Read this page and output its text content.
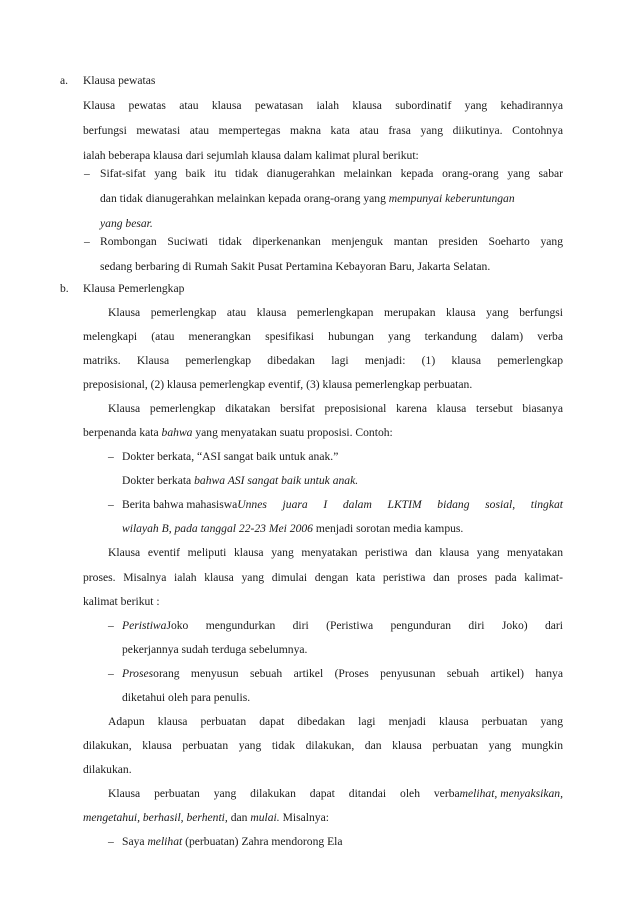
a. Klausa pewatas
Klausa pewatas atau klausa pewatasan ialah klausa subordinatif yang kehadirannya
berfungsi mewatasi atau mempertegas makna kata atau frasa yang diikutinya. Contohnya
ialah beberapa klausa dari sejumlah klausa dalam kalimat plural berikut:
– Sifat-sifat yang baik itu tidak dianugerahkan melainkan kepada orang-orang yang sabar
dan tidak dianugerahkan melainkan kepada orang-orang yang mempunyai keberuntungan
yang besar.
– Rombongan Suciwati tidak diperkenankan menjenguk mantan presiden Soeharto yang
sedang berbaring di Rumah Sakit Pusat Pertamina Kebayoran Baru, Jakarta Selatan.
b. Klausa Pemerlengkap
Klausa pemerlengkap atau klausa pemerlengkapan merupakan klausa yang berfungsi
melengkapi (atau menerangkan spesifikasi hubungan yang terkandung dalam) verba
matriks. Klausa pemerlengkap dibedakan lagi menjadi: (1) klausa pemerlengkap
preposisional, (2) klausa pemerlengkap eventif, (3) klausa pemerlengkap perbuatan.
Klausa pemerlengkap dikatakan bersifat preposisional karena klausa tersebut biasanya
berpenanda kata bahwa yang menyatakan suatu proposisi. Contoh:
– Dokter berkata, “ASI sangat baik untuk anak.”
Dokter berkata bahwa ASI sangat baik untuk anak.
– Berita bahwa mahasiswa Unnes juara I dalam LKTIM bidang sosial, tingkat
wilayah B, pada tanggal 22-23 Mei 2006 menjadi sorotan media kampus.
Klausa eventif meliputi klausa yang menyatakan peristiwa dan klausa yang menyatakan
proses. Misalnya ialah klausa yang dimulai dengan kata peristiwa dan proses pada kalimat-
kalimat berikut :
– Peristiwa Joko mengundurkan diri (Peristiwa pengunduran diri Joko) dari
pekerjannya sudah terduga sebelumnya.
– Proses orang menyusun sebuah artikel (Proses penyusunan sebuah artikel) hanya
diketahui oleh para penulis.
Adapun klausa perbuatan dapat dibedakan lagi menjadi klausa perbuatan yang
dilakukan, klausa perbuatan yang tidak dilakukan, dan klausa perbuatan yang mungkin
dilakukan.
Klausa perbuatan yang dilakukan dapat ditandai oleh verba melihat, menyaksikan,
mengetahui, berhasil, berhenti, dan mulai. Misalnya:
– Saya melihat (perbuatan) Zahra mendorong Ela
